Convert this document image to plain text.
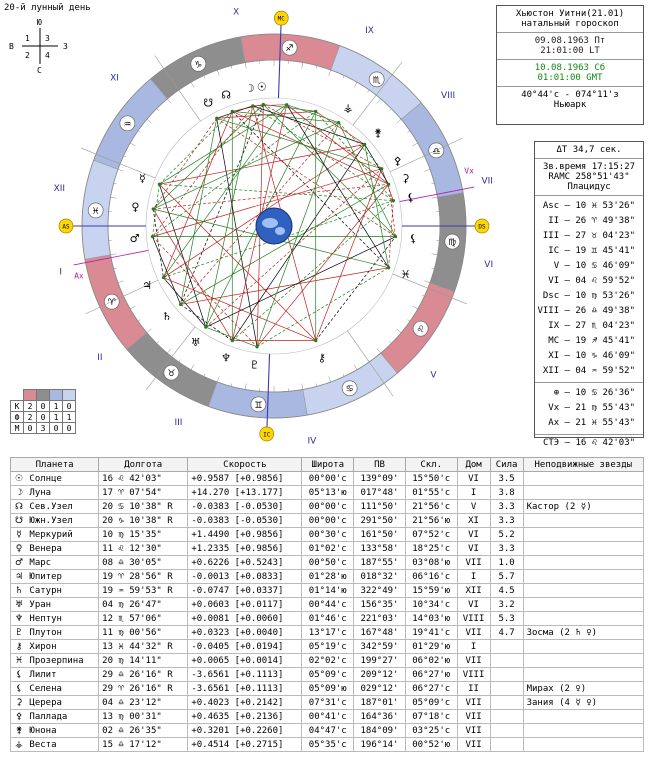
20-й лунный день
Ю
С
В	З
1 3
2 4
♈
♉
♊
♋
♌
♍
♎
♏
♐
♑
♒
♓
I
II
III
IV
V
VI
VII
VIII
IX
X
XI
XII
AS	DS
MC
IC
Vx
Ax
☉
☽
☊
☋
☿
♀
♂
♃
♄
♅
♆
♇
⚷
♓
⚸
⚸
⚳
⚴
⚵
⚶
Хьюстон Уитни(21.01)
натальный гороскоп
09.08.1963 Пт
21:01:00 LT
10.08.1963 Сб
01:01:00 GMT
40°44'с - 074°11'з
Ньюарк
ΔT 34,7 сек.
Зв.время 17:15:27
RAMC 258°51'43"
Плацидус
Asc – 10 ♓ 53'26"
II – 26 ♈ 49'38"
III – 27 ♉ 04'23"
IC – 19 ♊ 45'41"
V – 10 ♋ 46'09"
VI – 04 ♌ 59'52"
Dsc – 10 ♍ 53'26"
VIII – 26 ♎ 49'38"
IX – 27 ♏ 04'23"
MC – 19 ♐ 45'41"
XI – 10 ♑ 46'09"
XII – 04 ♒ 59'52"
⊕ – 10 ♋ 26'36"
Vx – 21 ♍ 55'43"
Ax – 21 ♓ 55'43"
СТЭ – 16 ♌ 42'03"

К	2	0	1	0
Ф	2	0	1	1
М	0	3	0	0
Планета	Долгота	Скорость	Широта	ПВ	Скл.	Дом	Сила	Неподвижные звезды
☉ Солнце	16 ♌ 42'03"	+0.9587 [+0.9856]	00°00'с	139°09'	15°50'с	VI	3.5	
☽ Луна	17 ♈ 07'54"	+14.270 [+13.177]	05°13'ю	017°48'	01°55'с	I	3.8	
☊ Сев.Узел	20 ♋ 10'38" R	-0.0383 [-0.0530]	00°00'с	111°50'	21°56'с	V	3.3	Кастор (2 ☿)
☋ Южн.Узел	20 ♑ 10'38" R	-0.0383 [-0.0530]	00°00'с	291°50'	21°56'ю	XI	3.3	
☿ Меркурий	10 ♍ 15'35"	+1.4490 [+0.9856]	00°30'с	161°50'	07°52'с	VI	5.2	
♀ Венера	11 ♌ 12'30"	+1.2335 [+0.9856]	01°02'с	133°58'	18°25'с	VI	3.3	
♂ Марс	08 ♎ 30'05"	+0.6226 [+0.5243]	00°50'с	187°55'	03°08'ю	VII	1.0	
♃ Юпитер	19 ♈ 28'56" R	-0.0013 [+0.0833]	01°28'ю	018°32'	06°16'с	I	5.7	
♄ Сатурн	19 ♒ 59'53" R	-0.0747 [+0.0337]	01°14'ю	322°49'	15°59'ю	XII	4.5	
♅ Уран	04 ♍ 26'47"	+0.0603 [+0.0117]	00°44'с	156°35'	10°34'с	VI	3.2	
♆ Нептун	12 ♏ 57'06"	+0.0081 [+0.0060]	01°46'с	221°03'	14°03'ю	VIII	5.3	
♇ Плутон	11 ♍ 00'56"	+0.0323 [+0.0040]	13°17'с	167°48'	19°41'с	VII	4.7	Зосма (2 ♄ ♀)
⚷ Хирон	13 ♓ 44'32" R	-0.0405 [+0.0194]	05°19'с	342°59'	01°29'ю	I		
♓ Прозерпина	20 ♍ 14'11"	+0.0065 [+0.0014]	02°02'с	199°27'	06°02'ю	VII		
⚸ Лилит	29 ♎ 26'16" R	-3.6561 [+0.1113]	05°09'с	209°12'	06°27'ю	VIII		
⚸ Селена	29 ♈ 26'16" R	-3.6561 [+0.1113]	05°09'ю	029°12'	06°27'с	II		Мирах (2 ♀)
⚳ Церера	04 ♎ 23'12"	+0.4023 [+0.2142]	07°31'с	187°01'	05°09'с	VII		Зания (4 ☿ ♀)
⚴ Паллада	13 ♍ 00'31"	+0.4635 [+0.2136]	00°41'с	164°36'	07°18'с	VII		
⚵ Юнона	02 ♎ 26'35"	+0.3201 [+0.2260]	04°47'с	184°09'	03°25'с	VII		
⚶ Веста	15 ♎ 17'12"	+0.4514 [+0.2715]	05°35'с	196°14'	00°52'ю	VII		
